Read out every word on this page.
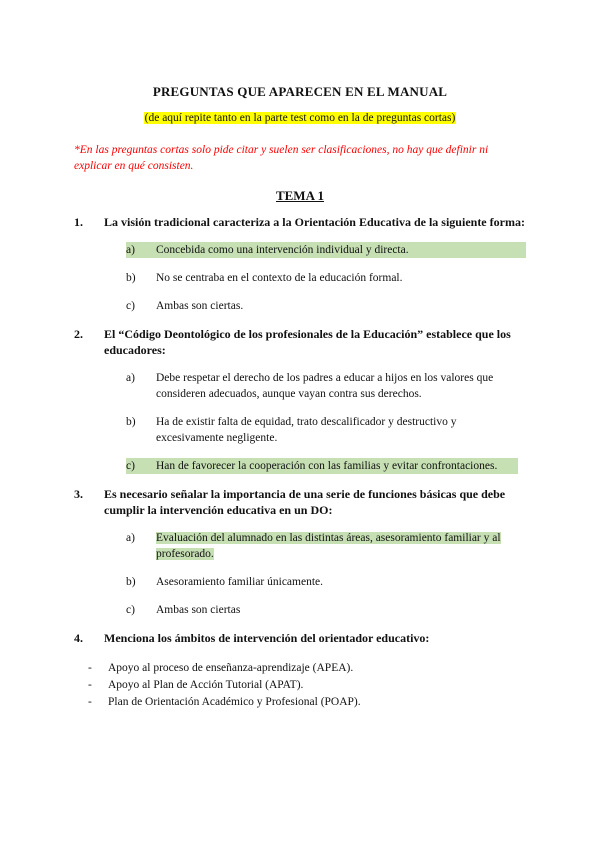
PREGUNTAS QUE APARECEN EN EL MANUAL
(de aquí repite tanto en la parte test como en la de preguntas cortas)
*En las preguntas cortas solo pide citar y suelen ser clasificaciones, no hay que definir ni explicar en qué consisten.
TEMA 1
1.	La visión tradicional caracteriza a la Orientación Educativa de la siguiente forma:
a)	Concebida como una intervención individual y directa.
b)	No se centraba en el contexto de la educación formal.
c)	Ambas son ciertas.
2.	El “Código Deontológico de los profesionales de la Educación” establece que los educadores:
a)	Debe respetar el derecho de los padres a educar a hijos en los valores que consideren adecuados, aunque vayan contra sus derechos.
b)	Ha de existir falta de equidad, trato descalificador y destructivo y excesivamente negligente.
c)	Han de favorecer la cooperación con las familias y evitar confrontaciones.
3.	Es necesario señalar la importancia de una serie de funciones básicas que debe cumplir la intervención educativa en un DO:
a)	Evaluación del alumnado en las distintas áreas, asesoramiento familiar y al profesorado.
b)	Asesoramiento familiar únicamente.
c)	Ambas son ciertas
4.	Menciona los ámbitos de intervención del orientador educativo:
- Apoyo al proceso de enseñanza-aprendizaje (APEA).
- Apoyo al Plan de Acción Tutorial (APAT).
- Plan de Orientación Académico y Profesional (POAP).
